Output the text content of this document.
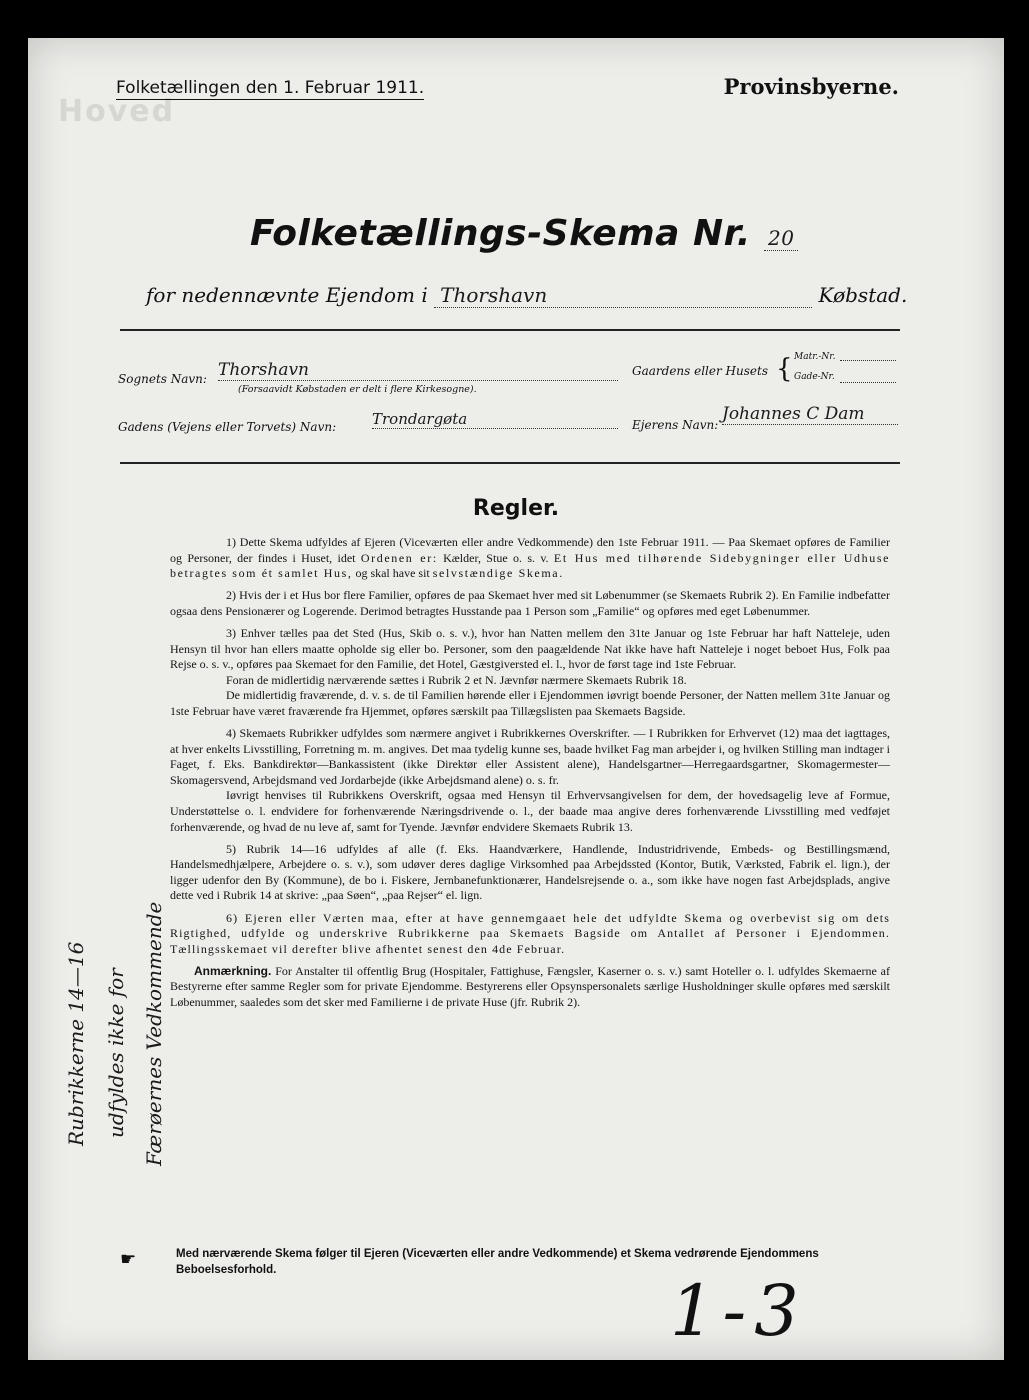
Hoved
Folketællingen den 1. Februar 1911.	Provinsbyerne.
Folketællings-Skema Nr. 20
for nedennævnte Ejendom i Thorshavn	Købstad.
Sognets Navn: Thorshavn
(Forsaavidt Købstaden er delt i flere Kirkesogne).
Gaardens eller Husets { Matr.-Nr.
Gade-Nr.
Gadens (Vejens eller Torvets) Navn: Trondargøta	Ejerens Navn:
Johannes C Dam
Regler.

1) Dette Skema udfyldes af Ejeren (Viceværten eller andre Vedkommende) den 1ste Februar 1911. — Paa Skemaet opføres de Familier og Personer, der findes i Huset, idet Ordenen er: Kælder, Stue o. s. v. Et Hus med tilhørende Sidebygninger eller Udhuse betragtes som ét samlet Hus, og skal have sit selvstændige Skema.

2) Hvis der i et Hus bor flere Familier, opføres de paa Skemaet hver med sit Løbenummer (se Skemaets Rubrik 2). En Familie indbefatter ogsaa dens Pensionærer og Logerende. Derimod betragtes Husstande paa 1 Person som „Familie“ og opføres med eget Løbenummer.

3) Enhver tælles paa det Sted (Hus, Skib o. s. v.), hvor han Natten mellem den 31te Januar og 1ste Februar har haft Natteleje, uden Hensyn til hvor han ellers maatte opholde sig eller bo. Personer, som den paagældende Nat ikke have haft Natteleje i noget beboet Hus, Folk paa Rejse o. s. v., opføres paa Skemaet for den Familie, det Hotel, Gæstgiversted el. l., hvor de først tage ind 1ste Februar.

Foran de midlertidig nærværende sættes i Rubrik 2 et N. Jævnfør nærmere Skemaets Rubrik 18.

De midlertidig fraværende, d. v. s. de til Familien hørende eller i Ejendommen iøvrigt boende Personer, der Natten mellem 31te Januar og 1ste Februar have været fraværende fra Hjemmet, opføres særskilt paa Tillægslisten paa Skemaets Bagside.

4) Skemaets Rubrikker udfyldes som nærmere angivet i Rubrikkernes Overskrifter. — I Rubrikken for Erhvervet (12) maa det iagttages, at hver enkelts Livsstilling, Forretning m. m. angives. Det maa tydelig kunne ses, baade hvilket Fag man arbejder i, og hvilken Stilling man indtager i Faget, f. Eks. Bankdirektør—Bankassistent (ikke Direktør eller Assistent alene), Handelsgartner—Herregaardsgartner, Skomagermester—Skomagersvend, Arbejdsmand ved Jordarbejde (ikke Arbejdsmand alene) o. s. fr.

Iøvrigt henvises til Rubrikkens Overskrift, ogsaa med Hensyn til Erhvervsangivelsen for dem, der hovedsagelig leve af Formue, Understøttelse o. l. endvidere for forhenværende Næringsdrivende o. l., der baade maa angive deres forhenværende Livsstilling med vedføjet forhenværende, og hvad de nu leve af, samt for Tyende. Jævnfør endvidere Skemaets Rubrik 13.

5) Rubrik 14—16 udfyldes af alle (f. Eks. Haandværkere, Handlende, Industridrivende, Embeds- og Bestillingsmænd, Handelsmedhjælpere, Arbejdere o. s. v.), som udøver deres daglige Virksomhed paa Arbejdssted (Kontor, Butik, Værksted, Fabrik el. lign.), der ligger udenfor den By (Kommune), de bo i. Fiskere, Jernbanefunktionærer, Handelsrejsende o. a., som ikke have nogen fast Arbejdsplads, angive dette ved i Rubrik 14 at skrive: „paa Søen“, „paa Rejser“ el. lign.

6) Ejeren eller Værten maa, efter at have gennemgaaet hele det udfyldte Skema og overbevist sig om dets Rigtighed, udfylde og underskrive Rubrikkerne paa Skemaets Bagside om Antallet af Personer i Ejendommen. Tællingsskemaet vil derefter blive afhentet senest den 4de Februar.

Anmærkning. For Anstalter til offentlig Brug (Hospitaler, Fattighuse, Fængsler, Kaserner o. s. v.) samt Hoteller o. l. udfyldes Skemaerne af Bestyrerne efter samme Regler som for private Ejendomme. Bestyrerens eller Opsynspersonalets særlige Husholdninger skulle opføres med særskilt Løbenummer, saaledes som det sker med Familierne i de private Huse (jfr. Rubrik 2).

Rubrikkerne 14—16 udfyldes ikke for Færøernes Vedkommende
☛	Med nærværende Skema følger til Ejeren (Viceværten eller andre Vedkommende) et Skema vedrørende Ejendommens Beboelsesforhold.	1-3
